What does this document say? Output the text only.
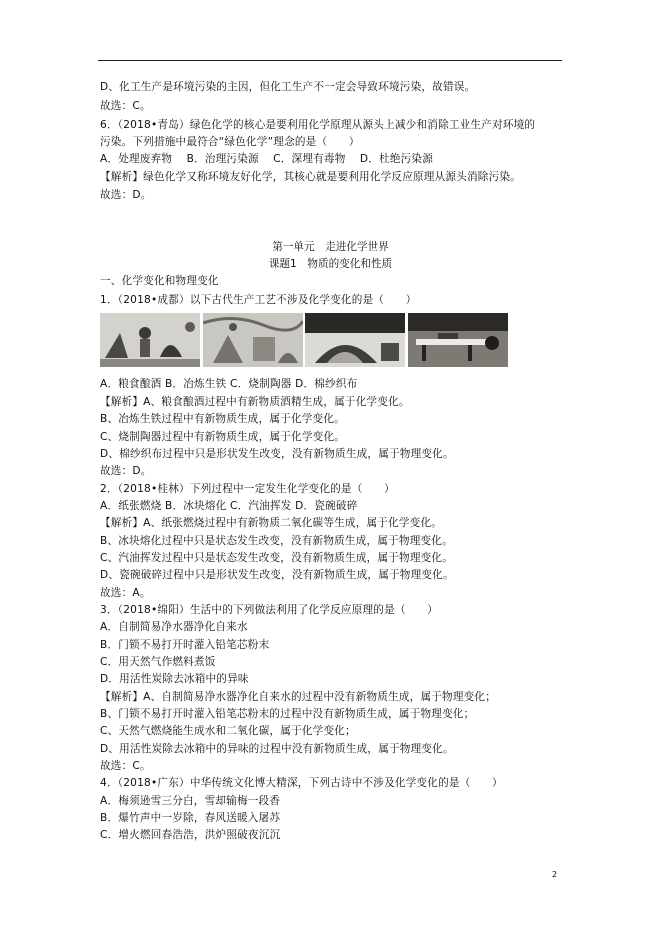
D、化工生产是环境污染的主因，但化工生产不一定会导致环境污染，故错误。
故选：C。
6．（2018•青岛）绿色化学的核心是要利用化学原理从源头上减少和消除工业生产对环境的
污染。下列措施中最符合“绿色化学”理念的是（　　）
A．处理废弃物　 B．治理污染源　 C．深埋有毒物　 D．杜绝污染源
【解析】绿色化学又称环境友好化学，其核心就是要利用化学反应原理从源头消除污染。
故选：D。
第一单元　走进化学世界
课题1　物质的变化和性质
一、化学变化和物理变化
1．（2018•成都）以下古代生产工艺不涉及化学变化的是（　　）
A．粮食酿酒 B．冶炼生铁 C．烧制陶器 D．棉纱织布
【解析】A、粮食酿酒过程中有新物质酒精生成，属于化学变化。
B、冶炼生铁过程中有新物质生成，属于化学变化。
C、烧制陶器过程中有新物质生成，属于化学变化。
D、棉纱织布过程中只是形状发生改变，没有新物质生成，属于物理变化。
故选：D。
2．（2018•桂林）下列过程中一定发生化学变化的是（　　）
A．纸张燃烧 B．冰块熔化 C．汽油挥发 D．瓷碗破碎
【解析】A、纸张燃烧过程中有新物质二氧化碳等生成，属于化学变化。
B、冰块熔化过程中只是状态发生改变，没有新物质生成，属于物理变化。
C、汽油挥发过程中只是状态发生改变，没有新物质生成，属于物理变化。
D、瓷碗破碎过程中只是形状发生改变，没有新物质生成，属于物理变化。
故选：A。
3．（2018•绵阳）生活中的下列做法利用了化学反应原理的是（　　）
A．自制简易净水器净化自来水
B．门锁不易打开时灌入铅笔芯粉末
C．用天然气作燃料煮饭
D．用活性炭除去冰箱中的异味
【解析】A、自制简易净水器净化自来水的过程中没有新物质生成，属于物理变化；
B、门锁不易打开时灌入铅笔芯粉末的过程中没有新物质生成，属于物理变化；
C、天然气燃烧能生成水和二氧化碳，属于化学变化；
D、用活性炭除去冰箱中的异味的过程中没有新物质生成，属于物理变化。
故选：C。
4．（2018•广东）中华传统文化博大精深，下列古诗中不涉及化学变化的是（　　）
A．梅须逊雪三分白，雪却输梅一段香
B．爆竹声中一岁除，春风送暖入屠苏
C．增火燃回春浩浩，洪炉照破夜沉沉
2
